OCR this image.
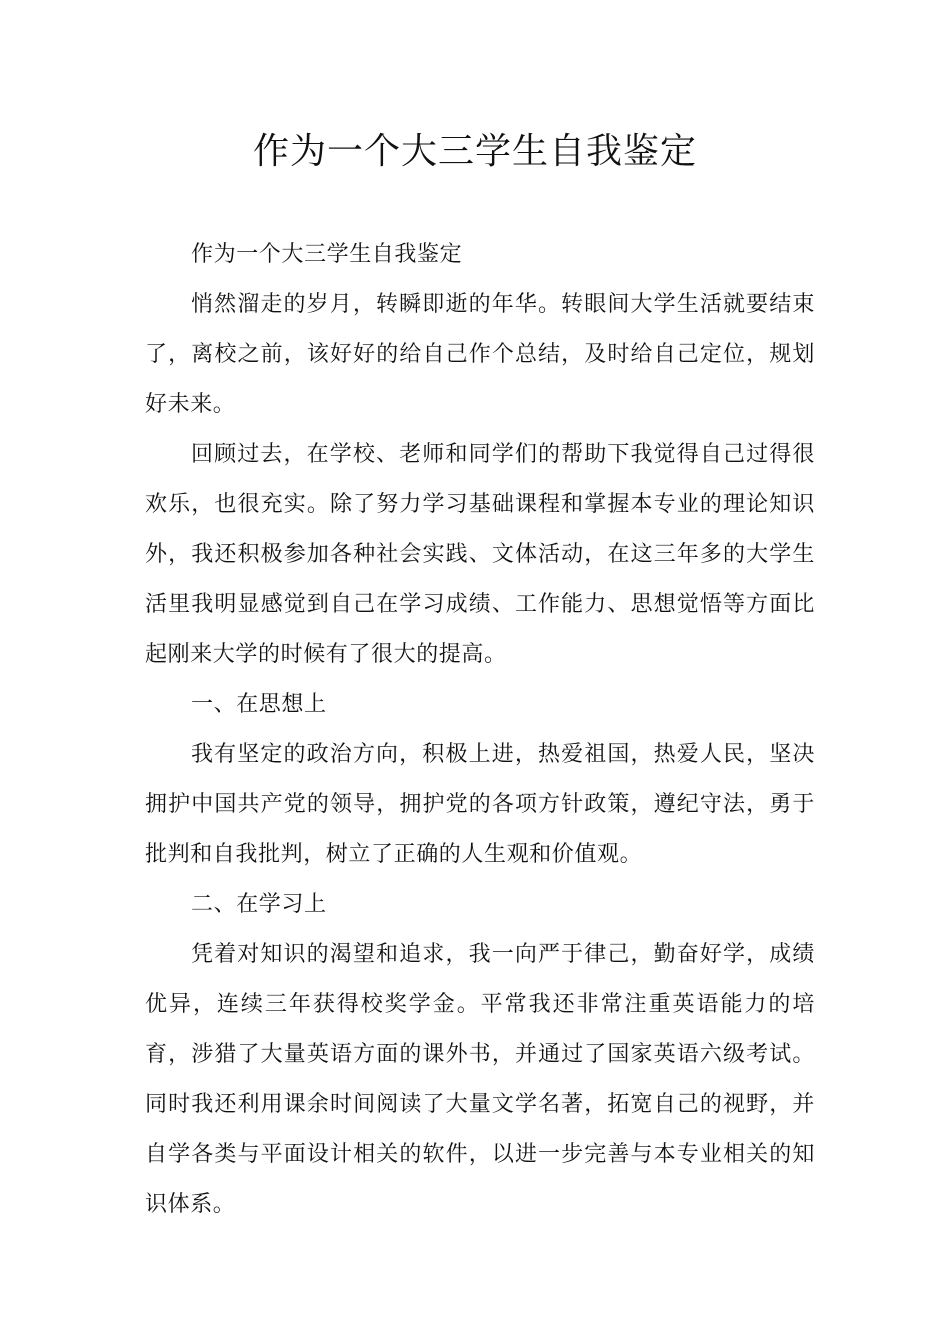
作为一个大三学生自我鉴定

作为一个大三学生自我鉴定

悄然溜走的岁月，转瞬即逝的年华。转眼间大学生活就要结束了，离校之前，该好好的给自己作个总结，及时给自己定位，规划好未来。

回顾过去，在学校、老师和同学们的帮助下我觉得自己过得很欢乐，也很充实。除了努力学习基础课程和掌握本专业的理论知识外，我还积极参加各种社会实践、文体活动，在这三年多的大学生活里我明显感觉到自己在学习成绩、工作能力、思想觉悟等方面比起刚来大学的时候有了很大的提高。

一、在思想上

我有坚定的政治方向，积极上进，热爱祖国，热爱人民，坚决拥护中国共产党的领导，拥护党的各项方针政策，遵纪守法，勇于批判和自我批判，树立了正确的人生观和价值观。

二、在学习上

凭着对知识的渴望和追求，我一向严于律己，勤奋好学，成绩优异，连续三年获得校奖学金。平常我还非常注重英语能力的培育，涉猎了大量英语方面的课外书，并通过了国家英语六级考试。同时我还利用课余时间阅读了大量文学名著，拓宽自己的视野，并自学各类与平面设计相关的软件，以进一步完善与本专业相关的知识体系。
